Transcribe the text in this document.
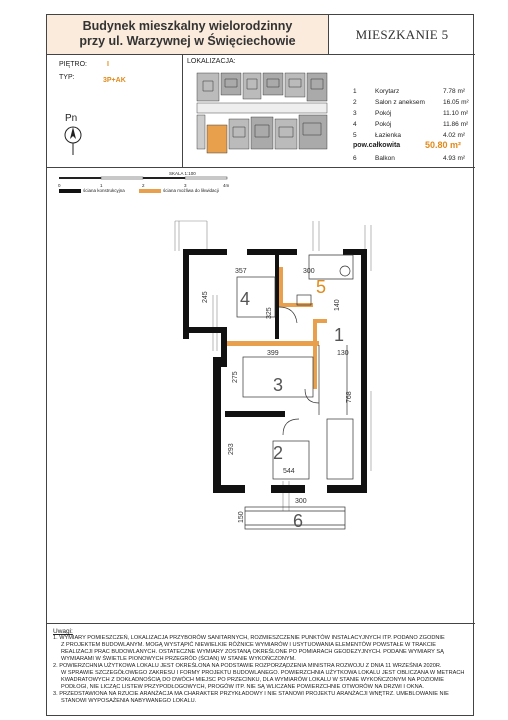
Budynek mieszkalny wielorodzinny
przy ul. Warzywnej w Święciechowie	MIESZKANIE 5
PIĘTRO:	I
TYP:	3P+AK
Pn
LOKALIZACJA:
1	Korytarz	7.78 m²
2	Salon z aneksem	16.05 m²
3	Pokój	11.10 m²
4	Pokój	11.86 m²
5	Łazienka	4.02 m²
pow.całkowita	50.80 m²
6	Balkon	4.93 m²
SKALA 1:100
0	1	2	3	4m
ściana konstrukcyjna	ściana możliwa do likwidacji
4
5
1
3
2
6
357	300
245
325
140
399	130
275
768
293
544
300
150
Uwagi:

1. WYMIARY POMIESZCZEŃ, LOKALIZACJA PRZYBORÓW SANITARNYCH, ROZMIESZCZENIE PUNKTÓW INSTALACYJNYCH ITP. PODANO ZGODNIE

Z PROJEKTEM BUDOWLANYM. MOGĄ WYSTĄPIĆ NIEWIELKIE RÓŻNICE WYMIARÓW I USYTUOWANIA ELEMENTÓW POWSTAŁE W TRAKCIE

REALIZACJI PRAC BUDOWLANYCH. OSTATECZNE WYMIARY ZOSTANĄ OKREŚLONE PO POMIARACH GEODEZYJNYCH. PODANE WYMIARY SĄ

WYMIARAMI W ŚWIETLE PIONOWYCH PRZEGRÓD (ŚCIAN) W STANIE WYKOŃCZONYM.

2. POWIERZCHNIA UŻYTKOWA LOKALU JEST OKREŚLONA NA PODSTAWIE ROZPORZĄDZENIA MINISTRA ROZWOJU Z DNIA 11 WRZEŚNIA 2020R.

W SPRAWIE SZCZEGÓŁOWEGO ZAKRESU I FORMY PROJEKTU BUDOWLANEGO. POWIERZCHNIA UŻYTKOWA LOKALU JEST OBLICZANA W METRACH

KWADRATOWYCH Z DOKŁADNOŚCIĄ DO DWÓCH MIEJSC PO PRZECINKU, DLA WYMIARÓW LOKALU W STANIE WYKOŃCZONYM NA POZIOMIE

PODŁOGI, NIE LICZĄC LISTEW PRZYPODŁOGOWYCH, PROGÓW ITP. NIE SĄ WLICZANE POWIERZCHNIE OTWORÓW NA DRZWI I OKNA.

3. PRZEDSTAWIONA NA RZUCIE ARANŻACJA MA CHARAKTER PRZYKŁADOWY I NIE STANOWI PROJEKTU ARANŻACJI WNĘTRZ. UMEBLOWANIE NIE

STANOWI WYPOSAŻENIA NABYWANEGO LOKALU.
